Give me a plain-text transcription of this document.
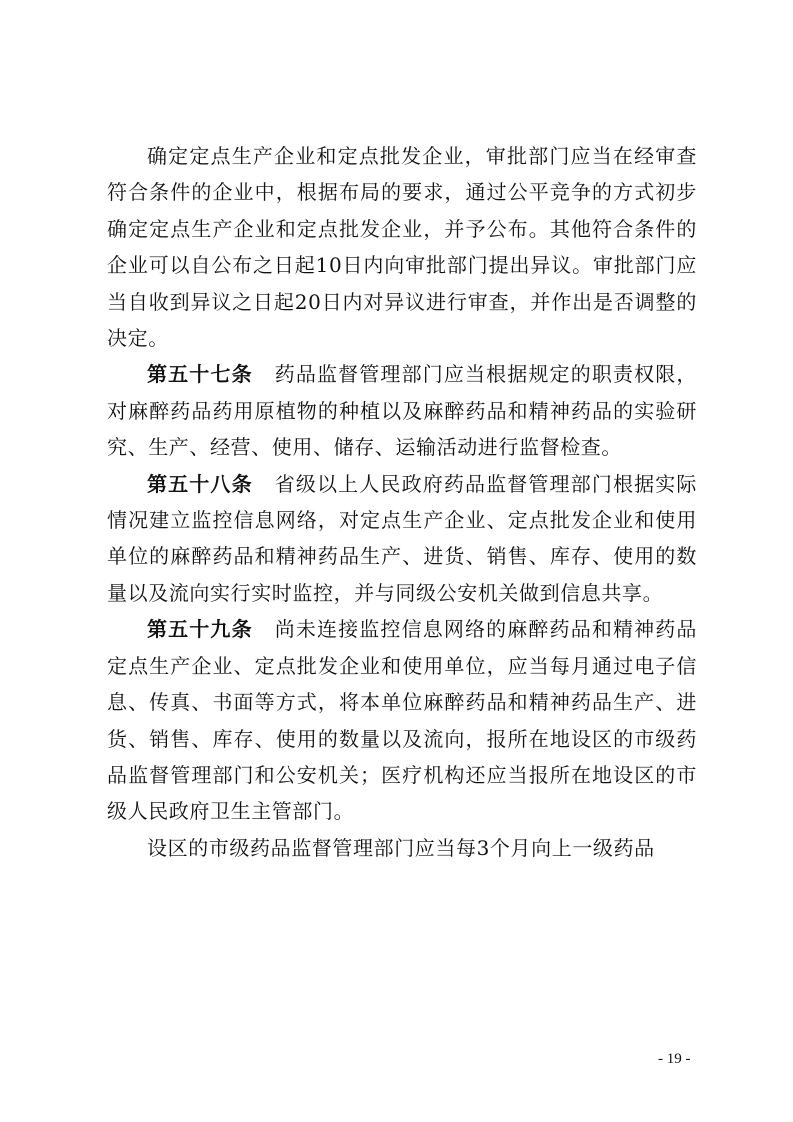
确定定点生产企业和定点批发企业，审批部门应当在经审查符合条件的企业中，根据布局的要求，通过公平竞争的方式初步确定定点生产企业和定点批发企业，并予公布。其他符合条件的企业可以自公布之日起10日内向审批部门提出异议。审批部门应当自收到异议之日起20日内对异议进行审查，并作出是否调整的决定。

第五十七条 药品监督管理部门应当根据规定的职责权限，对麻醉药品药用原植物的种植以及麻醉药品和精神药品的实验研究、生产、经营、使用、储存、运输活动进行监督检查。

第五十八条 省级以上人民政府药品监督管理部门根据实际情况建立监控信息网络，对定点生产企业、定点批发企业和使用单位的麻醉药品和精神药品生产、进货、销售、库存、使用的数量以及流向实行实时监控，并与同级公安机关做到信息共享。

第五十九条 尚未连接监控信息网络的麻醉药品和精神药品定点生产企业、定点批发企业和使用单位，应当每月通过电子信息、传真、书面等方式，将本单位麻醉药品和精神药品生产、进货、销售、库存、使用的数量以及流向，报所在地设区的市级药品监督管理部门和公安机关；医疗机构还应当报所在地设区的市级人民政府卫生主管部门。

设区的市级药品监督管理部门应当每3个月向上一级药品

- 19 -
